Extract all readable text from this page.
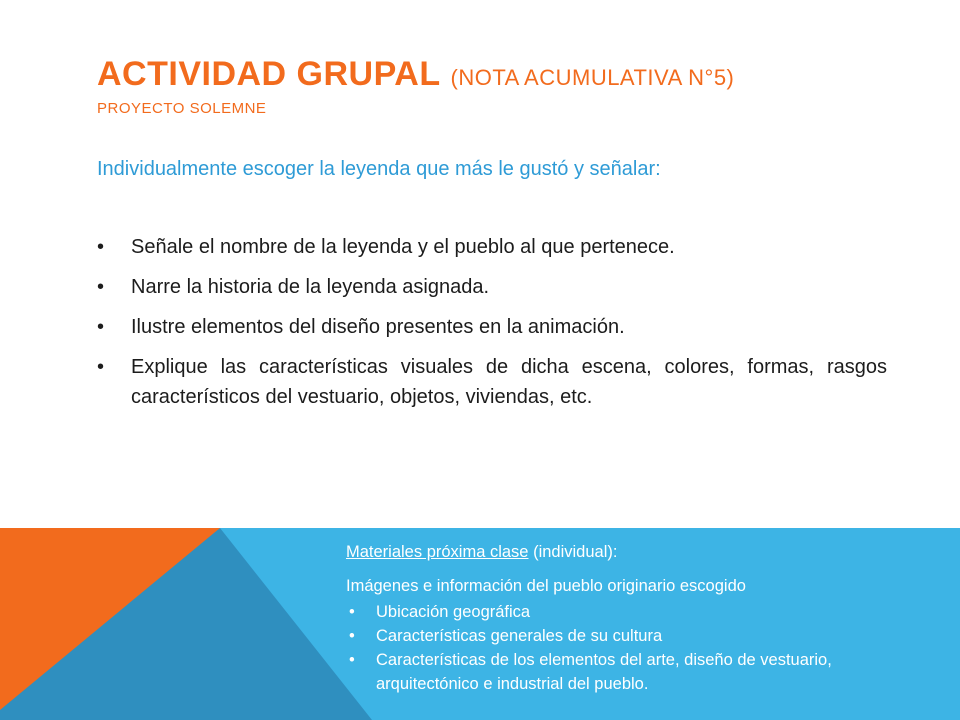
ACTIVIDAD GRUPAL (NOTA ACUMULATIVA N°5)
PROYECTO SOLEMNE
Individualmente escoger la leyenda que más le gustó y señalar:
• Señale el nombre de la leyenda y el pueblo al que pertenece.
• Narre la historia de la leyenda asignada.
• Ilustre elementos del diseño presentes en la animación.
• Explique las características visuales de dicha escena, colores, formas, rasgos característicos del vestuario, objetos, viviendas, etc.
Materiales próxima clase (individual):
Imágenes e información del pueblo originario escogido
• Ubicación geográfica
• Características generales de su cultura
• Características de los elementos del arte, diseño de vestuario, arquitectónico e industrial del pueblo.
